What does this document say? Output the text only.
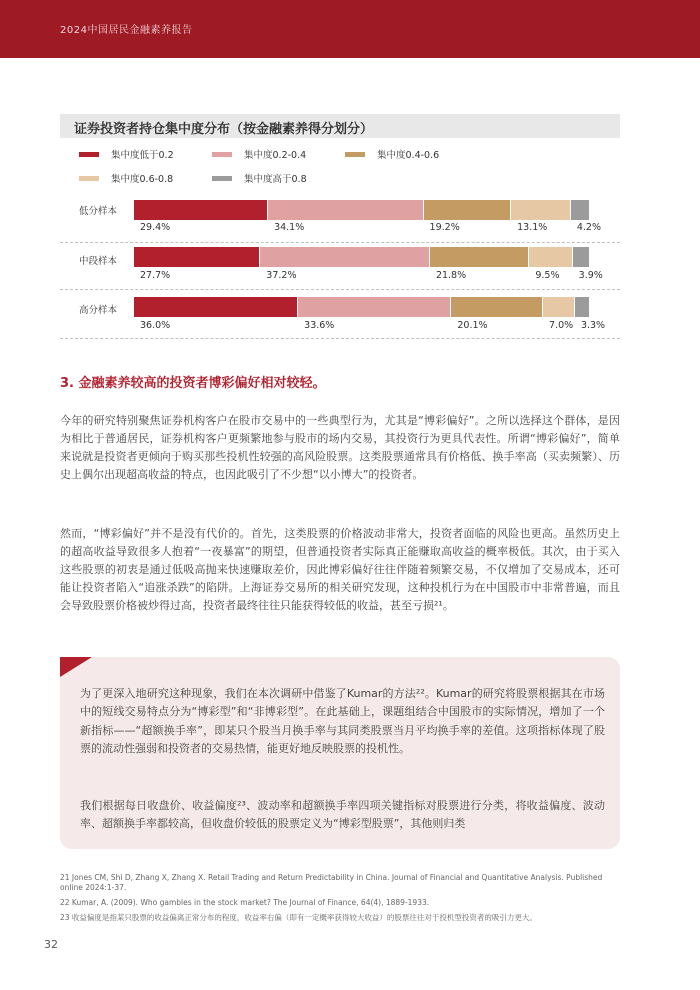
2024中国居民金融素养报告
证券投资者持仓集中度分布（按金融素养得分划分）
集中度低于0.2	集中度0.2-0.4	集中度0.4-0.6
集中度0.6-0.8	集中度高于0.8
低分样本
29.4%	34.1%	19.2%	13.1%	4.2%
中段样本
27.7%	37.2%	21.8%	9.5% 3.9%
高分样本
36.0%	33.6%	20.1%	7.0% 3.3%
3. 金融素养较高的投资者博彩偏好相对较轻。

今年的研究特别聚焦证券机构客户在股市交易中的一些典型行为，尤其是“博彩偏好”。之所以选择这个群体，是因为相比于普通居民，证券机构客户更频繁地参与股市的场内交易，其投资行为更具代表性。所谓“博彩偏好”，简单来说就是投资者更倾向于购买那些投机性较强的高风险股票。这类股票通常具有价格低、换手率高（买卖频繁）、历史上偶尔出现超高收益的特点，也因此吸引了不少想“以小博大”的投资者。

然而，“博彩偏好”并不是没有代价的。首先，这类股票的价格波动非常大，投资者面临的风险也更高。虽然历史上的超高收益导致很多人抱着“一夜暴富”的期望，但普通投资者实际真正能赚取高收益的概率极低。其次，由于买入这些股票的初衷是通过低吸高抛来快速赚取差价，因此博彩偏好往往伴随着频繁交易，不仅增加了交易成本，还可能让投资者陷入“追涨杀跌”的陷阱。上海证券交易所的相关研究发现，这种投机行为在中国股市中非常普遍，而且会导致股票价格被炒得过高，投资者最终往往只能获得较低的收益，甚至亏损²¹。

为了更深入地研究这种现象，我们在本次调研中借鉴了Kumar的方法²²。Kumar的研究将股票根据其在市场中的短线交易特点分为“博彩型”和“非博彩型”。在此基础上，课题组结合中国股市的实际情况，增加了一个新指标——“超额换手率”，即某只个股当月换手率与其同类股票当月平均换手率的差值。这项指标体现了股票的流动性强弱和投资者的交易热情，能更好地反映股票的投机性。

我们根据每日收盘价、收益偏度²³、波动率和超额换手率四项关键指标对股票进行分类，将收益偏度、波动率、超额换手率都较高，但收盘价较低的股票定义为“博彩型股票”，其他则归类

21 Jones CM, Shi D, Zhang X, Zhang X. Retail Trading and Return Predictability in China. Journal of Financial and Quantitative Analysis. Published online 2024:1-37.
22 Kumar, A. (2009). Who gambles in the stock market? The Journal of Finance, 64(4), 1889-1933.
23 收益偏度是指某只股票的收益偏离正常分布的程度，收益率右偏（即有一定概率获得较大收益）的股票往往对于投机型投资者的吸引力更大。
32
